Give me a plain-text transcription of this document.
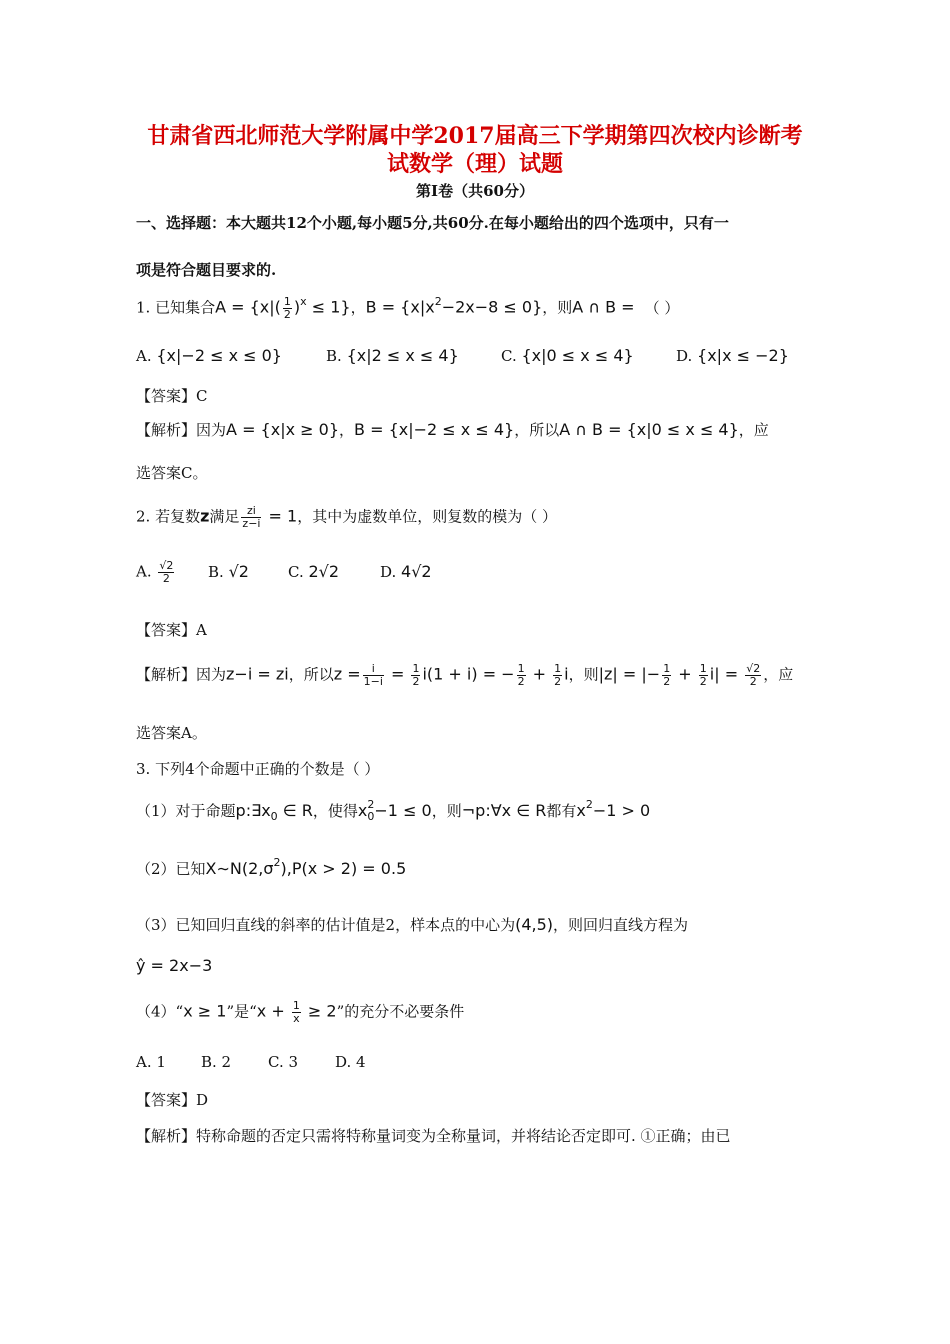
甘肃省西北师范大学附属中学2017届高三下学期第四次校内诊断考
试数学（理）试题
第Ⅰ卷（共60分）
一、选择题：本大题共12个小题,每小题5分,共60分.在每小题给出的四个选项中，只有一
项是符合题目要求的.
1. 已知集合$A = \{x|( \frac{1}{2} )^x \le 1\}$，$B = \{x|x^2-2x-8 \le 0\}$，则A ∩ B = （ ）
A. {x|−2 ≤ x ≤ 0}	B. {x|2 ≤ x ≤ 4}	C. {x|0 ≤ x ≤ 4}	D. {x|x ≤ −2}
【答案】C
【解析】因为A = {x|x ≥ 0}，B = {x|−2 ≤ x ≤ 4}，所以A ∩ B = {x|0 ≤ x ≤ 4}，应
选答案C。
2. 若复数z满足 $\frac{zi}{z-i} = 1$，其中为虚数单位，则复数的模为（ ）
A. $\frac{√2}{2} B$. √2	C. 2√2	D. 4√2
【答案】A
【解析】因为z−i = zi，所以$z = \frac{i}{1-i} = \frac{1}{2} i(1 + i)$ = − $\frac{1}{2} + \frac{1}{2}$ i，则|z| = |− $\frac{1}{2} + \frac{1}{2} i| = \frac{√2}{2}$ ，应
选答案A。
3. 下列4个命题中正确的个数是（ ）
（1）对于命题$p:\exists x_0$ ∈ R，使得$x^2_0-1 \le 0$，则¬p:∀x ∈ R都有$x^2-1 > 0$
（2）已知$X\sim N(2,\sigma^2),P(x > 2) = 0.5$
（3）已知回归直线的斜率的估计值是2，样本点的中心为(4,5)，则回归直线方程为
ŷ = 2x−3
（4）“x ≥ 1”是“$x + \frac{1}{x} \ge 2$”的充分不必要条件
A. 1 B. 2 C. 3 D. 4
【答案】D
【解析】特称命题的否定只需将特称量词变为全称量词，并将结论否定即可. ①正确；由已
